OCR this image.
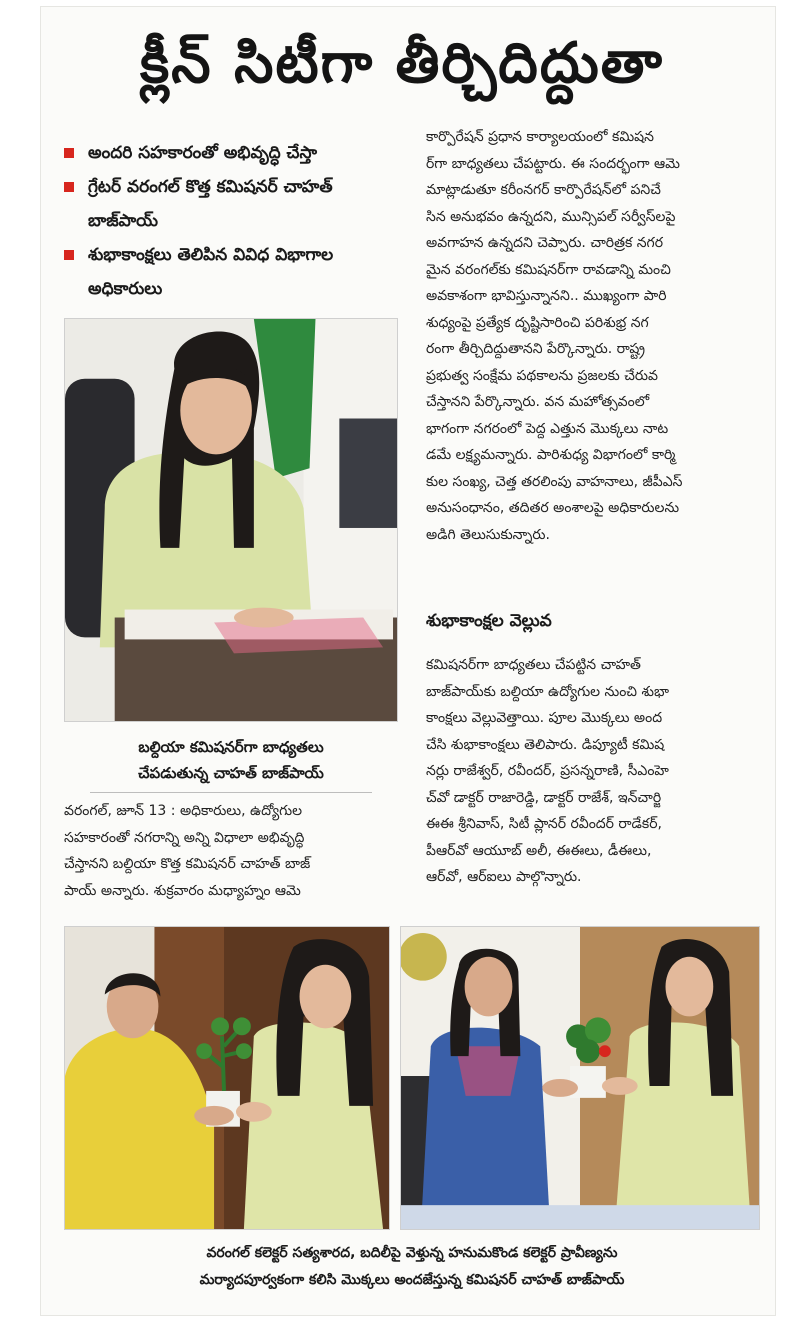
క్లీన్ సిటీగా తీర్చిదిద్దుతా
అందరి సహకారంతో అభివృద్ధి చేస్తా
గ్రేటర్ వరంగల్ కొత్త కమిషనర్ చాహత్ బాజ్‌పాయ్
శుభాకాంక్షలు తెలిపిన వివిధ విభాగాల అధికారులు
బల్దియా కమిషనర్‌గా బాధ్యతలు
చేపడుతున్న చాహత్ బాజ్‌పాయ్
వరంగల్, జూన్ 13 : అధికారులు, ఉద్యోగుల
సహకారంతో నగరాన్ని అన్ని విధాలా అభివృద్ధి
చేస్తానని బల్దియా కొత్త కమిషనర్ చాహత్ బాజ్
పాయ్ అన్నారు. శుక్రవారం మధ్యాహ్నం ఆమె
కార్పొరేషన్ ప్రధాన కార్యాలయంలో కమిషన
ర్‌గా బాధ్యతలు చేపట్టారు. ఈ సందర్భంగా ఆమె
మాట్లాడుతూ కరీంనగర్ కార్పొరేషన్‌లో పనిచే
సిన అనుభవం ఉన్నదని, మున్సిపల్ సర్వీస్‌లపై
అవగాహన ఉన్నదని చెప్పారు. చారిత్రక నగర
మైన వరంగల్‌కు కమిషనర్‌గా రావడాన్ని మంచి
అవకాశంగా భావిస్తున్నానని.. ముఖ్యంగా పారి
శుధ్యంపై ప్రత్యేక దృష్టిసారించి పరిశుభ్ర నగ
రంగా తీర్చిదిద్దుతానని పేర్కొన్నారు. రాష్ట్ర
ప్రభుత్వ సంక్షేమ పథకాలను ప్రజలకు చేరువ
చేస్తానని పేర్కొన్నారు. వన మహోత్సవంలో
భాగంగా నగరంలో పెద్ద ఎత్తున మొక్కలు నాట
డమే లక్ష్యమన్నారు. పారిశుధ్య విభాగంలో కార్మి
కుల సంఖ్య, చెత్త తరలింపు వాహనాలు, జీపీఎస్
అనుసంధానం, తదితర అంశాలపై అధికారులను
అడిగి తెలుసుకున్నారు.
శుభాకాంక్షల వెల్లువ
కమిషనర్‌గా బాధ్యతలు చేపట్టిన చాహత్
బాజ్‌పాయ్‌కు బల్దియా ఉద్యోగుల నుంచి శుభా
కాంక్షలు వెల్లువెత్తాయి. పూల మొక్కలు అంద
చేసి శుభాకాంక్షలు తెలిపారు. డిప్యూటీ కమిష
నర్లు రాజేశ్వర్, రవీందర్, ప్రసన్నరాణి, సీఎంహె
చ్‌వో డాక్టర్ రాజారెడ్డి, డాక్టర్ రాజేశ్, ఇన్‌చార్జి
ఈఈ శ్రీనివాస్, సిటీ ప్లానర్ రవీందర్ రాడేకర్,
పీఆర్‌వో ఆయూబ్ అలీ, ఈఈలు, డీఈలు,
ఆర్‌వో, ఆర్‌ఐలు పాల్గొన్నారు.
వరంగల్ కలెక్టర్ సత్యశారద, బదిలీపై వెళ్తున్న హనుమకొండ కలెక్టర్ ప్రావీణ్యను
మర్యాదపూర్వకంగా కలిసి మొక్కలు అందజేస్తున్న కమిషనర్ చాహత్ బాజ్‌పాయ్
